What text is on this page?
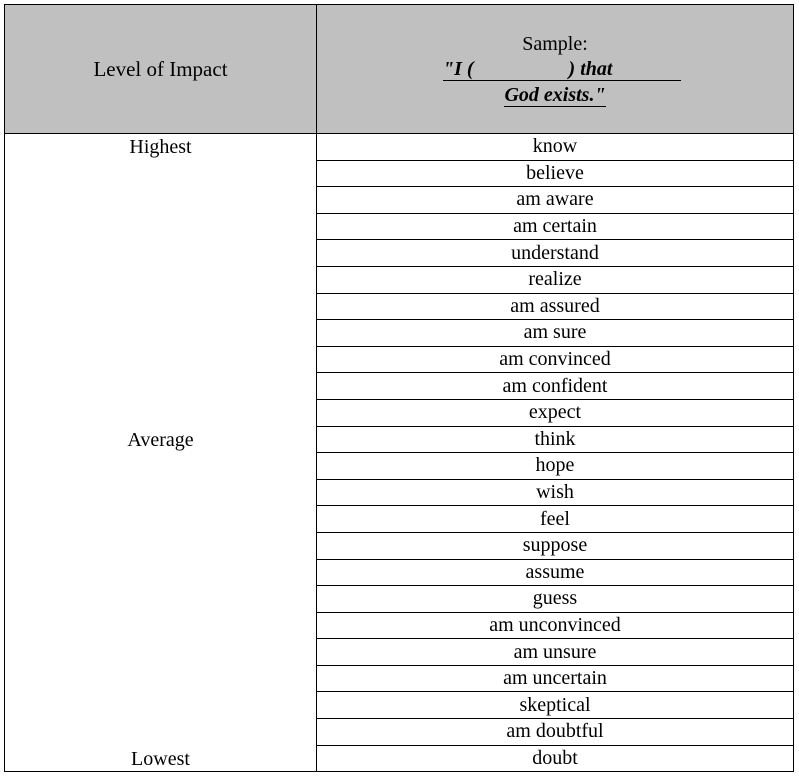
Level of Impact
Sample:
"I (                   ) that
God exists."
Highest
Average
Lowest
know
believe
am aware
am certain
understand
realize
am assured
am sure
am convinced
am confident
expect
think
hope
wish
feel
suppose
assume
guess
am unconvinced
am unsure
am uncertain
skeptical
am doubtful
doubt
